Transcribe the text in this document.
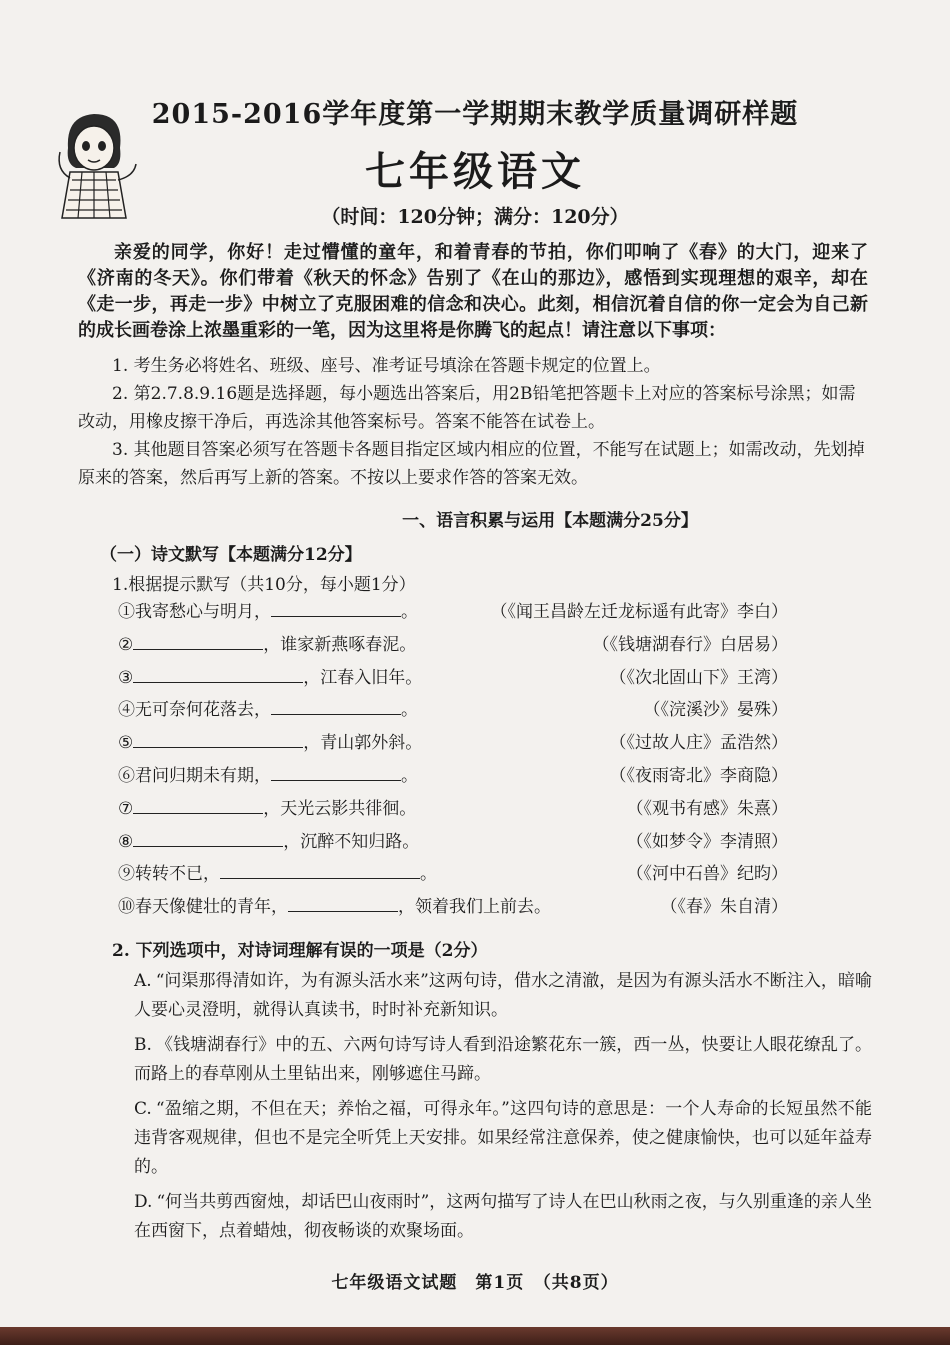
2015-2016学年度第一学期期末教学质量调研样题
七年级语文
（时间：120分钟；满分：120分）
亲爱的同学，你好！走过懵懂的童年，和着青春的节拍，你们叩响了《春》的大门，迎来了《济南的冬天》。你们带着《秋天的怀念》告别了《在山的那边》，感悟到实现理想的艰辛，却在《走一步，再走一步》中树立了克服困难的信念和决心。此刻，相信沉着自信的你一定会为自己新的成长画卷涂上浓墨重彩的一笔，因为这里将是你腾飞的起点！请注意以下事项：

1. 考生务必将姓名、班级、座号、准考证号填涂在答题卡规定的位置上。

2. 第2.7.8.9.16题是选择题，每小题选出答案后，用2B铅笔把答题卡上对应的答案标号涂黑；如需改动，用橡皮擦干净后，再选涂其他答案标号。答案不能答在试卷上。

3. 其他题目答案必须写在答题卡各题目指定区域内相应的位置，不能写在试题上；如需改动，先划掉原来的答案，然后再写上新的答案。不按以上要求作答的答案无效。

一、语言积累与运用【本题满分25分】
（一）诗文默写【本题满分12分】
1.根据提示默写（共10分，每小题1分）
①我寄愁心与明月，	。	（《闻王昌龄左迁龙标遥有此寄》李白）
②	，谁家新燕啄春泥。	（《钱塘湖春行》白居易）
③	，江春入旧年。	（《次北固山下》王湾）
④无可奈何花落去，	。	（《浣溪沙》晏殊）
⑤	，青山郭外斜。	（《过故人庄》孟浩然）
⑥君问归期未有期，	。	（《夜雨寄北》李商隐）
⑦	，天光云影共徘徊。	（《观书有感》朱熹）
⑧	，沉醉不知归路。	（《如梦令》李清照）
⑨转转不已，	。	（《河中石兽》纪昀）
⑩春天像健壮的青年，	，领着我们上前去。	（《春》朱自清）
2. 下列选项中，对诗词理解有误的一项是（2分）
A. “问渠那得清如许，为有源头活水来”这两句诗，借水之清澈，是因为有源头活水不断注入，暗喻人要心灵澄明，就得认真读书，时时补充新知识。
B. 《钱塘湖春行》中的五、六两句诗写诗人看到沿途繁花东一簇，西一丛，快要让人眼花缭乱了。而路上的春草刚从土里钻出来，刚够遮住马蹄。
C. “盈缩之期，不但在天；养怡之福，可得永年。”这四句诗的意思是：一个人寿命的长短虽然不能违背客观规律，但也不是完全听凭上天安排。如果经常注意保养，使之健康愉快，也可以延年益寿的。
D. “何当共剪西窗烛，却话巴山夜雨时”，这两句描写了诗人在巴山秋雨之夜，与久别重逢的亲人坐在西窗下，点着蜡烛，彻夜畅谈的欢聚场面。
七年级语文试题　第1页　（共8页）
